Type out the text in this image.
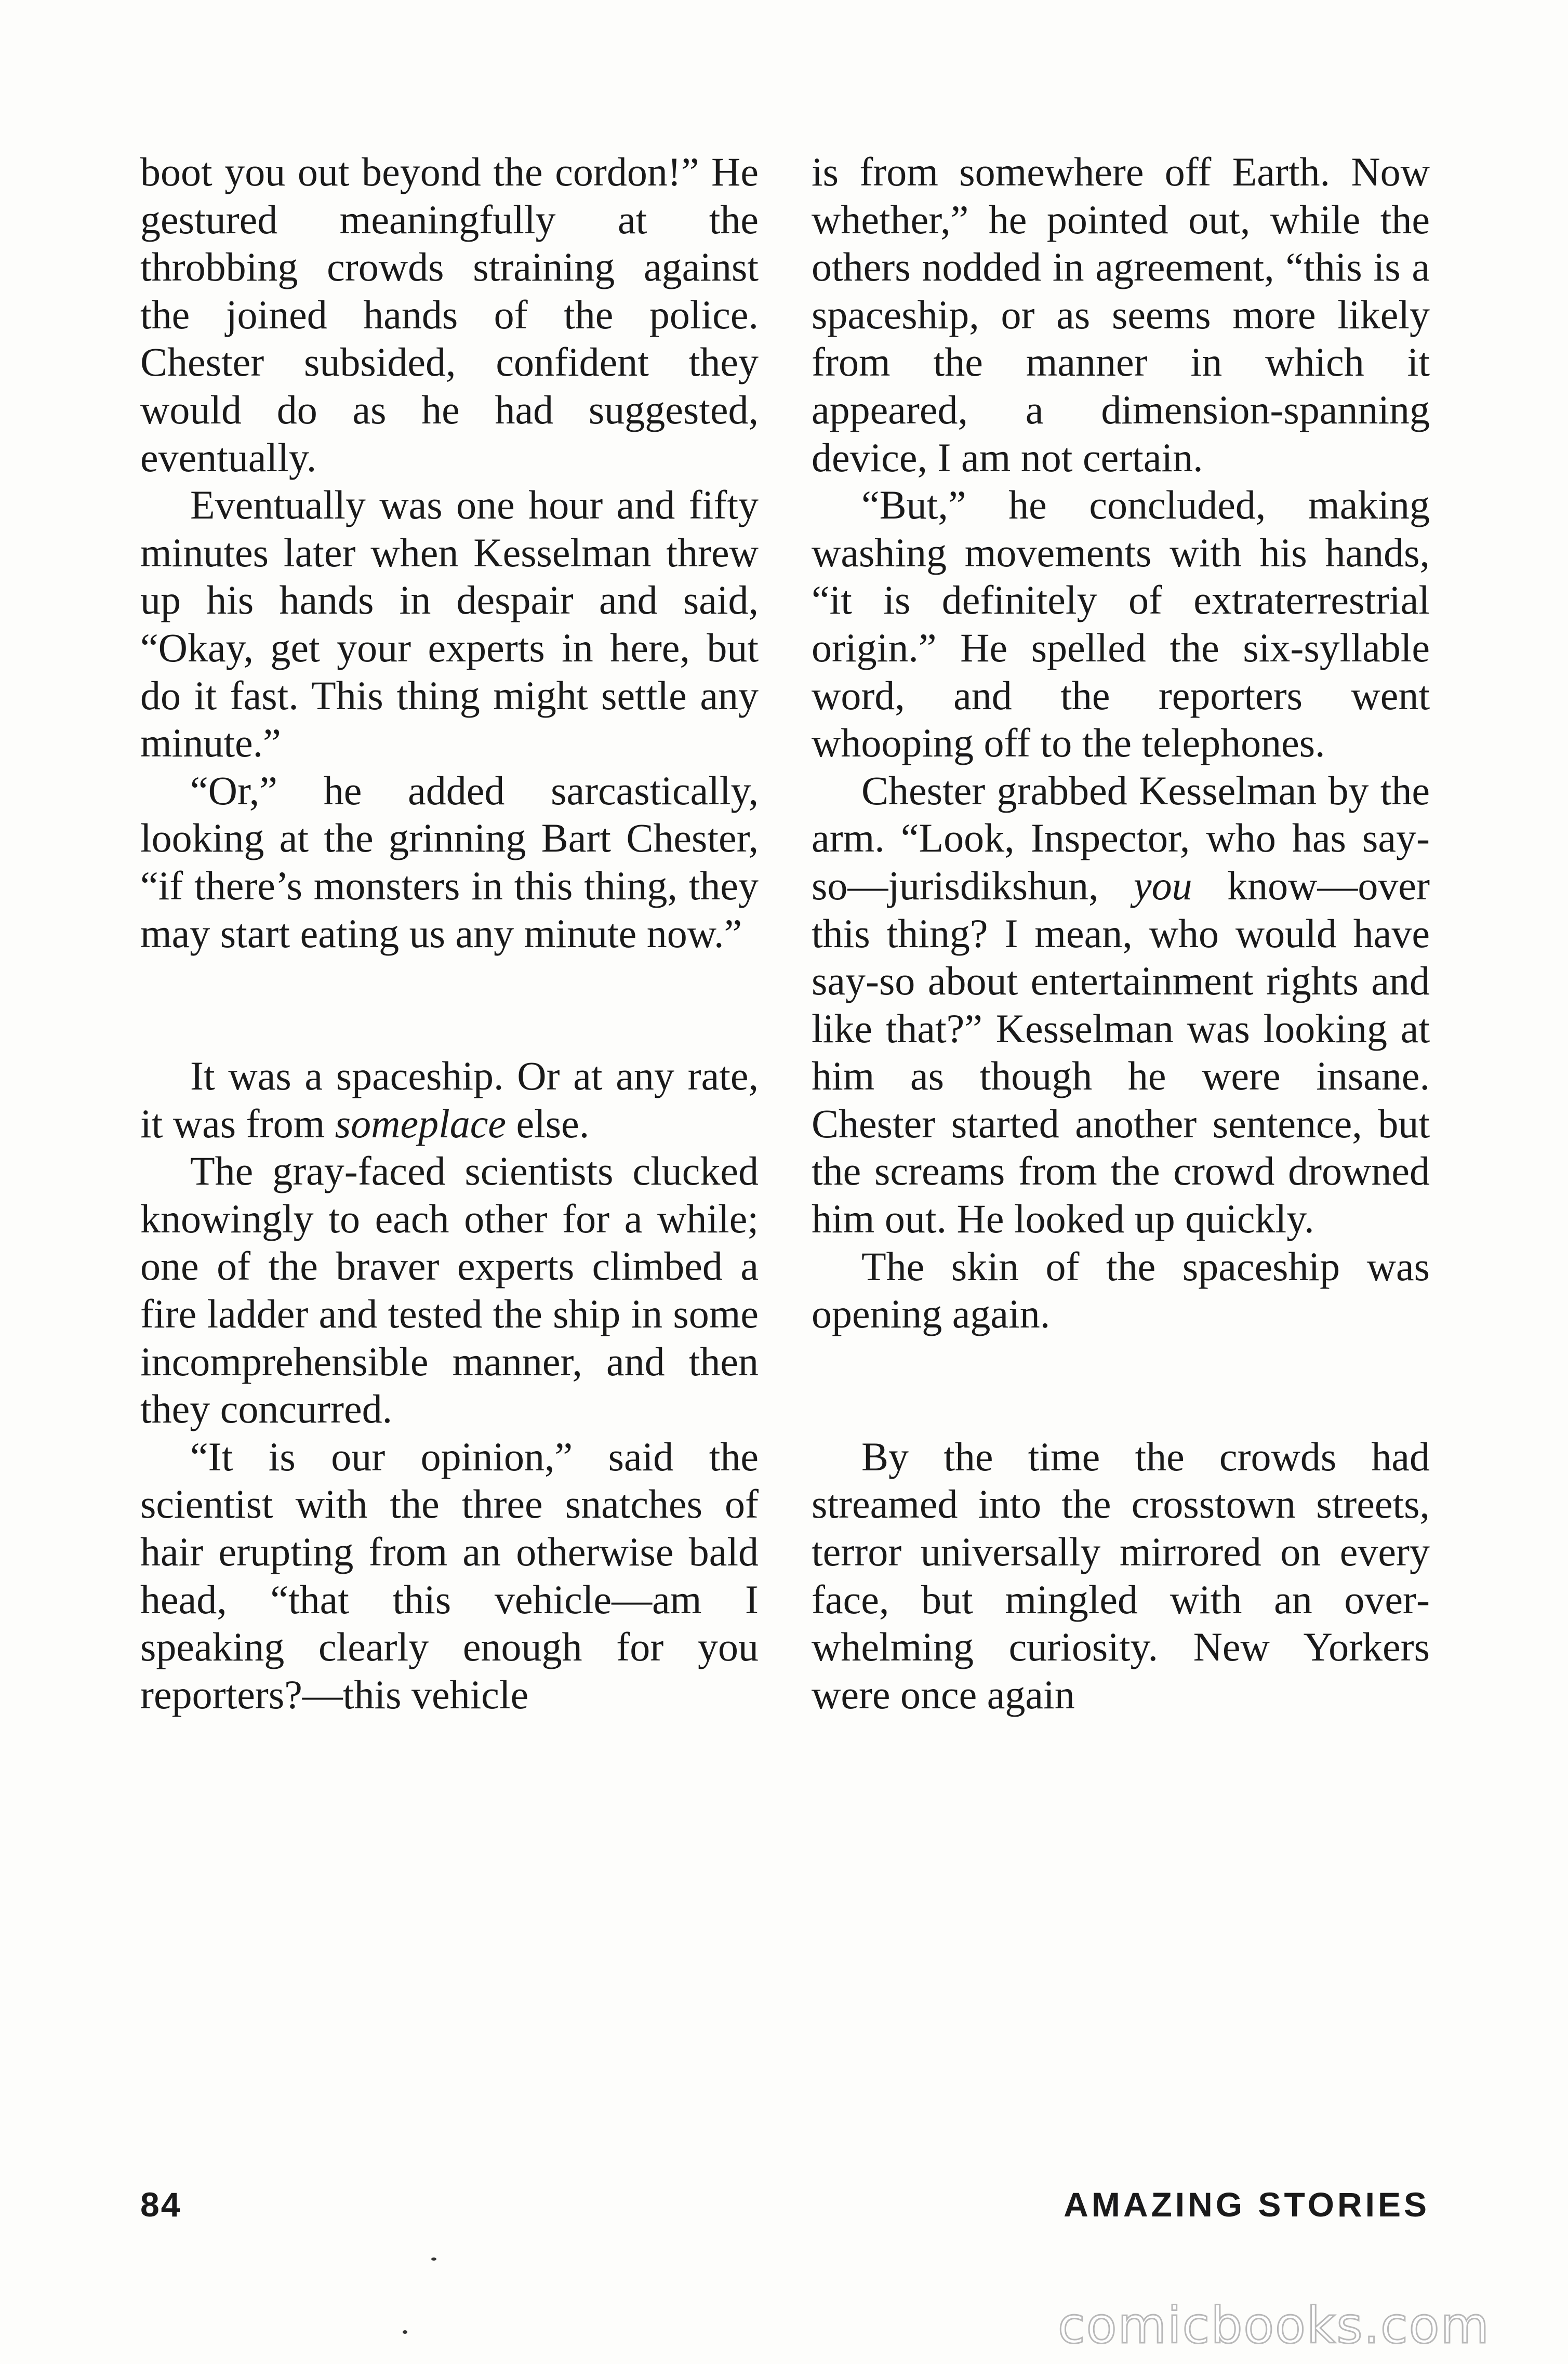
boot you out beyond the cordon!” He gestured meaningfully at the throbbing crowds straining against the joined hands of the police. Chester subsided, confident they would do as he had suggested, eventually.

Eventually was one hour and fifty minutes later when Kesselman threw up his hands in despair and said, “Okay, get your experts in here, but do it fast. This thing might settle any minute.”

“Or,” he added sarcastically, looking at the grinning Bart Chester, “if there’s monsters in this thing, they may start eating us any minute now.”

It was a spaceship. Or at any rate, it was from someplace else.

The gray-faced scientists clucked knowingly to each other for a while; one of the braver experts climbed a fire ladder and tested the ship in some incomprehensible manner, and then they concurred.

“It is our opinion,” said the scientist with the three snatches of hair erupting from an otherwise bald head, “that this vehicle—am I speaking clearly enough for you reporters?—this vehicle

is from somewhere off Earth. Now whether,” he pointed out, while the others nodded in agreement, “this is a spaceship, or as seems more likely from the manner in which it appeared, a dimension-spanning device, I am not certain.

“But,” he concluded, making washing movements with his hands, “it is definitely of extraterrestrial origin.” He spelled the six-syllable word, and the reporters went whooping off to the telephones.

Chester grabbed Kesselman by the arm. “Look, Inspector, who has say-so—jurisdikshun, you know—over this thing? I mean, who would have say-so about entertainment rights and like that?” Kesselman was looking at him as though he were insane. Chester started another sentence, but the screams from the crowd drowned him out. He looked up quickly.

The skin of the spaceship was opening again.

By the time the crowds had streamed into the crosstown streets, terror universally mirrored on every face, but mingled with an overwhelming curiosity. New Yorkers were once again

84	AMAZING STORIES
comicbooks.com
